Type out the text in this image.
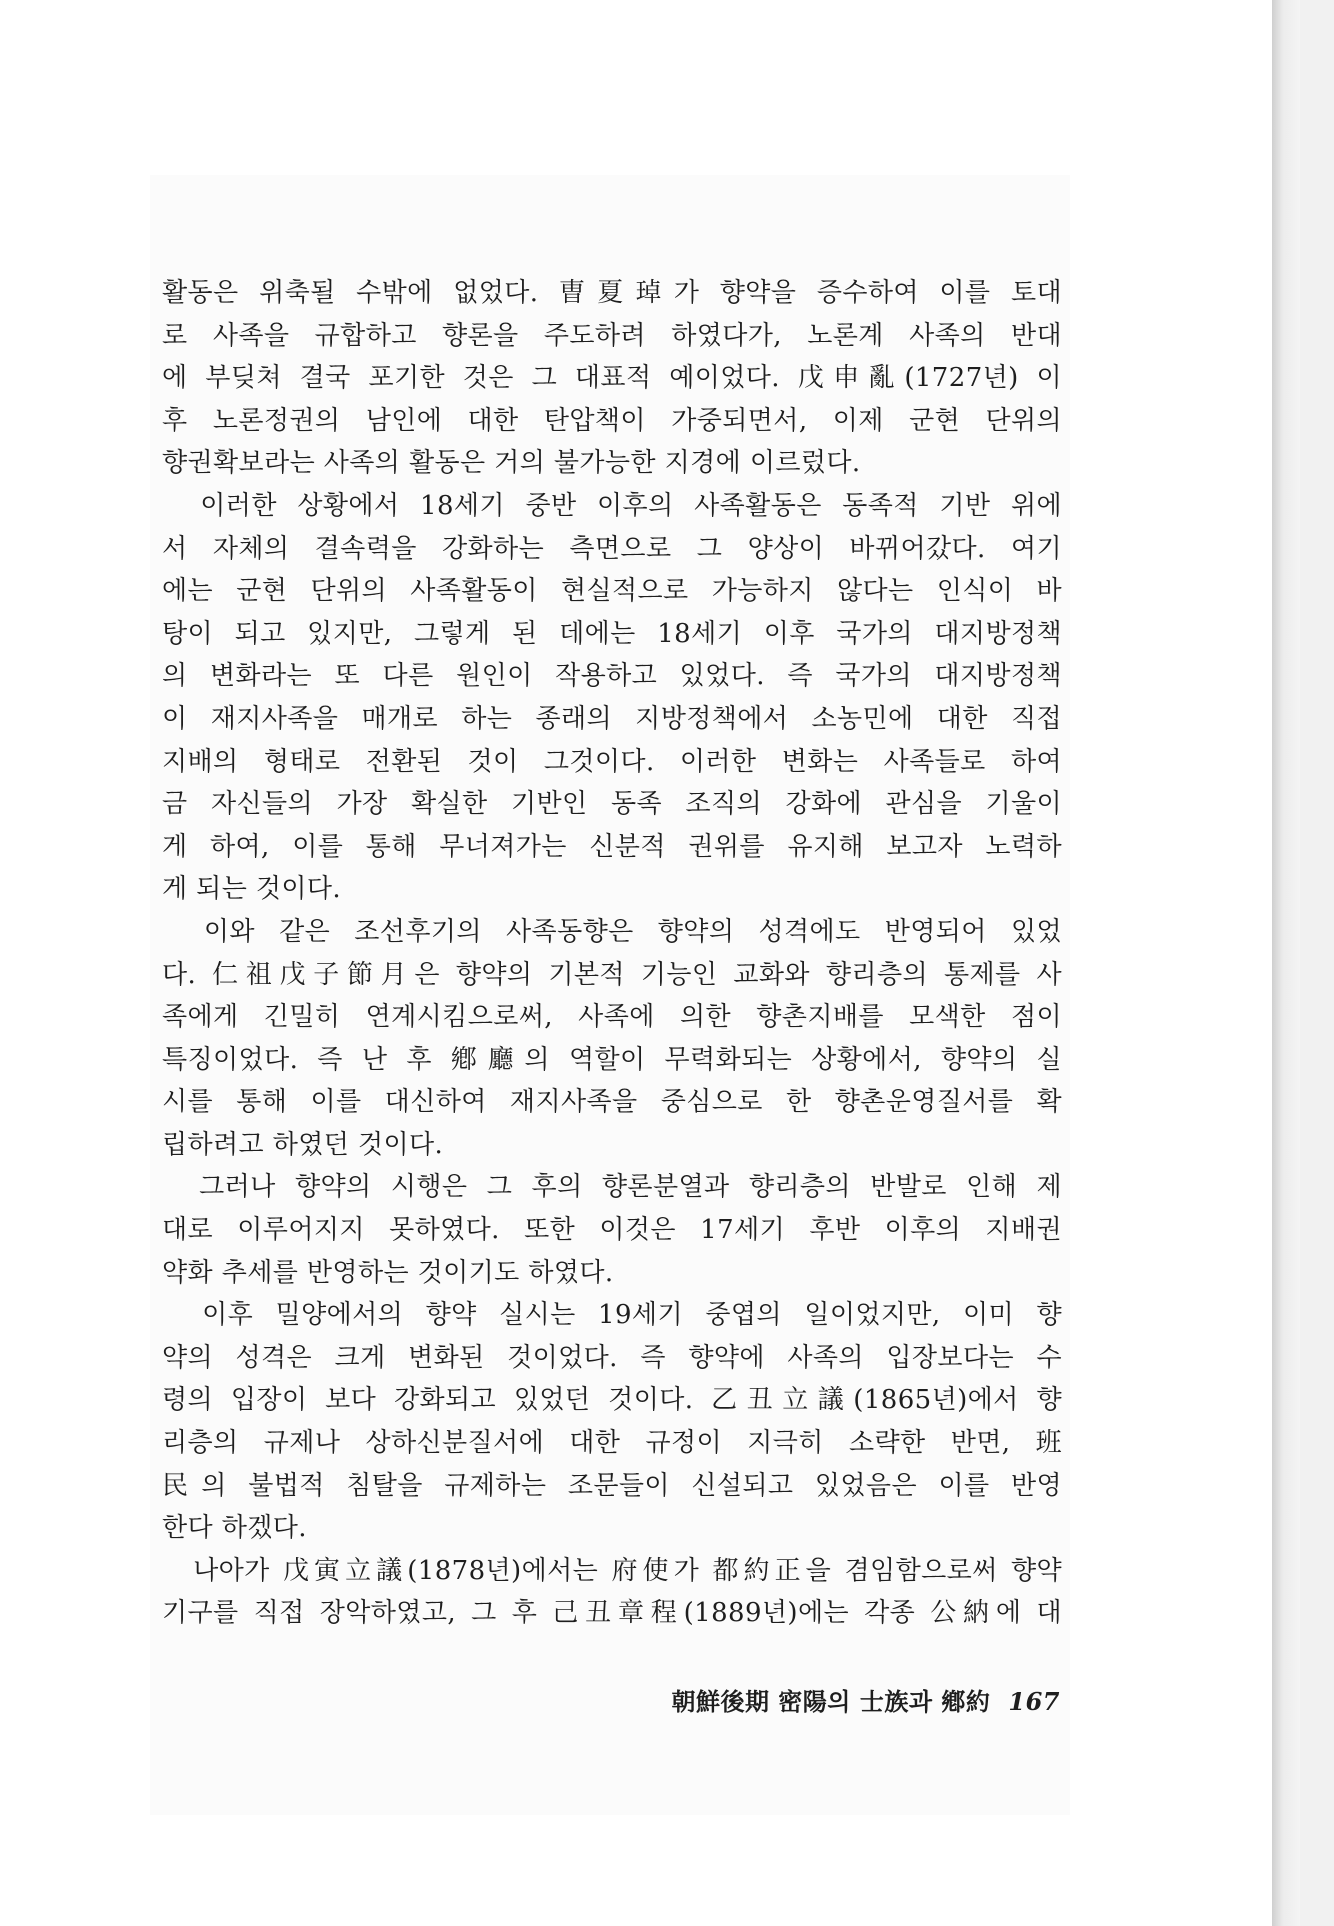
활동은 위축될 수밖에 없었다. 曺夏琸가 향약을 증수하여 이를 토대
로 사족을 규합하고 향론을 주도하려 하였다가, 노론계 사족의 반대
에 부딪쳐 결국 포기한 것은 그 대표적 예이었다. 戊申亂(1727년) 이
후 노론정권의 남인에 대한 탄압책이 가중되면서, 이제 군현 단위의
향권확보라는 사족의 활동은 거의 불가능한 지경에 이르렀다.
　이러한 상황에서 18세기 중반 이후의 사족활동은 동족적 기반 위에
서 자체의 결속력을 강화하는 측면으로 그 양상이 바뀌어갔다. 여기
에는 군현 단위의 사족활동이 현실적으로 가능하지 않다는 인식이 바
탕이 되고 있지만, 그렇게 된 데에는 18세기 이후 국가의 대지방정책
의 변화라는 또 다른 원인이 작용하고 있었다. 즉 국가의 대지방정책
이 재지사족을 매개로 하는 종래의 지방정책에서 소농민에 대한 직접
지배의 형태로 전환된 것이 그것이다. 이러한 변화는 사족들로 하여
금 자신들의 가장 확실한 기반인 동족 조직의 강화에 관심을 기울이
게 하여, 이를 통해 무너져가는 신분적 권위를 유지해 보고자 노력하
게 되는 것이다.
　이와 같은 조선후기의 사족동향은 향약의 성격에도 반영되어 있었
다. 仁祖戊子節月은 향약의 기본적 기능인 교화와 향리층의 통제를 사
족에게 긴밀히 연계시킴으로써, 사족에 의한 향촌지배를 모색한 점이
특징이었다. 즉 난 후 鄕廳의 역할이 무력화되는 상황에서, 향약의 실
시를 통해 이를 대신하여 재지사족을 중심으로 한 향촌운영질서를 확
립하려고 하였던 것이다.
　그러나 향약의 시행은 그 후의 향론분열과 향리층의 반발로 인해 제
대로 이루어지지 못하였다. 또한 이것은 17세기 후반 이후의 지배권
약화 추세를 반영하는 것이기도 하였다.
　이후 밀양에서의 향약 실시는 19세기 중엽의 일이었지만, 이미 향
약의 성격은 크게 변화된 것이었다. 즉 향약에 사족의 입장보다는 수
령의 입장이 보다 강화되고 있었던 것이다. 乙丑立議(1865년)에서 향
리층의 규제나 상하신분질서에 대한 규정이 지극히 소략한 반면, 班
民의 불법적 침탈을 규제하는 조문들이 신설되고 있었음은 이를 반영
한다 하겠다.
　나아가 戊寅立議(1878년)에서는 府使가 都約正을 겸임함으로써 향약
기구를 직접 장악하였고, 그 후 己丑章程(1889년)에는 각종 公納에 대
朝鮮後期 密陽의 士族과 鄕約 167
